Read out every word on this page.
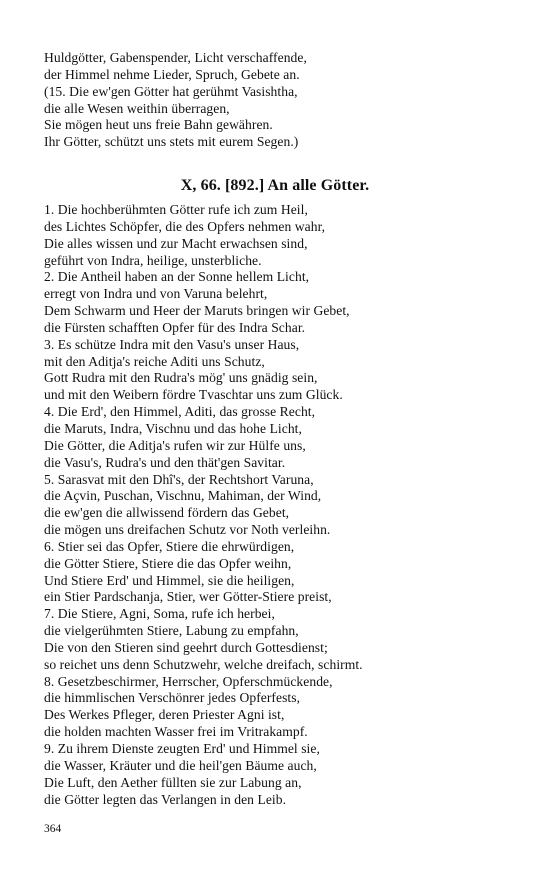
Huldgötter, Gabenspender, Licht verschaffende,
der Himmel nehme Lieder, Spruch, Gebete an.
(15. Die ew'gen Götter hat gerühmt Vasishtha,
die alle Wesen weithin überragen,
Sie mögen heut uns freie Bahn gewähren.
Ihr Götter, schützt uns stets mit eurem Segen.)
X, 66. [892.] An alle Götter.
1. Die hochberühmten Götter rufe ich zum Heil,
des Lichtes Schöpfer, die des Opfers nehmen wahr,
Die alles wissen und zur Macht erwachsen sind,
geführt von Indra, heilige, unsterbliche.
2. Die Antheil haben an der Sonne hellem Licht,
erregt von Indra und von Varuna belehrt,
Dem Schwarm und Heer der Maruts bringen wir Gebet,
die Fürsten schafften Opfer für des Indra Schar.
3. Es schütze Indra mit den Vasu's unser Haus,
mit den Aditja's reiche Aditi uns Schutz,
Gott Rudra mit den Rudra's mög' uns gnädig sein,
und mit den Weibern fördre Tvaschtar uns zum Glück.
4. Die Erd', den Himmel, Aditi, das grosse Recht,
die Maruts, Indra, Vischnu und das hohe Licht,
Die Götter, die Aditja's rufen wir zur Hülfe uns,
die Vasu's, Rudra's und den thät'gen Savitar.
5. Sarasvat mit den Dhî's, der Rechtshort Varuna,
die Açvin, Puschan, Vischnu, Mahiman, der Wind,
die ew'gen die allwissend fördern das Gebet,
die mögen uns dreifachen Schutz vor Noth verleihn.
6. Stier sei das Opfer, Stiere die ehrwürdigen,
die Götter Stiere, Stiere die das Opfer weihn,
Und Stiere Erd' und Himmel, sie die heiligen,
ein Stier Pardschanja, Stier, wer Götter-Stiere preist,
7. Die Stiere, Agni, Soma, rufe ich herbei,
die vielgerühmten Stiere, Labung zu empfahn,
Die von den Stieren sind geehrt durch Gottesdienst;
so reichet uns denn Schutzwehr, welche dreifach, schirmt.
8. Gesetzbeschirmer, Herrscher, Opferschmückende,
die himmlischen Verschönrer jedes Opferfests,
Des Werkes Pfleger, deren Priester Agni ist,
die holden machten Wasser frei im Vritrakampf.
9. Zu ihrem Dienste zeugten Erd' und Himmel sie,
die Wasser, Kräuter und die heil'gen Bäume auch,
Die Luft, den Aether füllten sie zur Labung an,
die Götter legten das Verlangen in den Leib.
364
